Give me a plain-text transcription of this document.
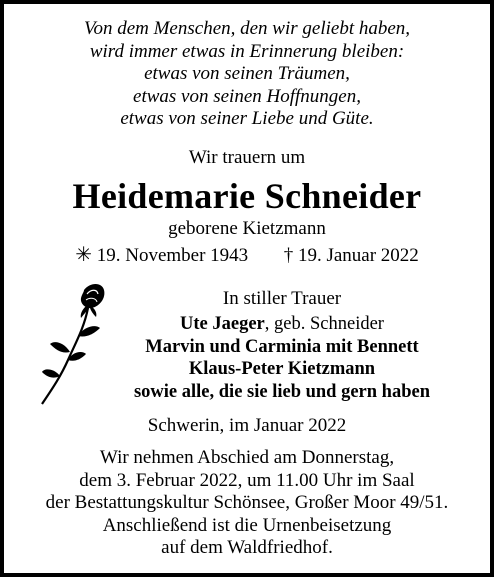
Von dem Menschen, den wir geliebt haben,
wird immer etwas in Erinnerung bleiben:
etwas von seinen Träumen,
etwas von seinen Hoffnungen,
etwas von seiner Liebe und Güte.
Wir trauern um
Heidemarie Schneider
geborene Kietzmann
✳ 19. November 1943 † 19. Januar 2022
In stiller Trauer
Ute Jaeger, geb. Schneider
Marvin und Carminia mit Bennett
Klaus-Peter Kietzmann
sowie alle, die sie lieb und gern haben
Schwerin, im Januar 2022
Wir nehmen Abschied am Donnerstag,
dem 3. Februar 2022, um 11.00 Uhr im Saal
der Bestattungskultur Schönsee, Großer Moor 49/51.
Anschließend ist die Urnenbeisetzung
auf dem Waldfriedhof.
